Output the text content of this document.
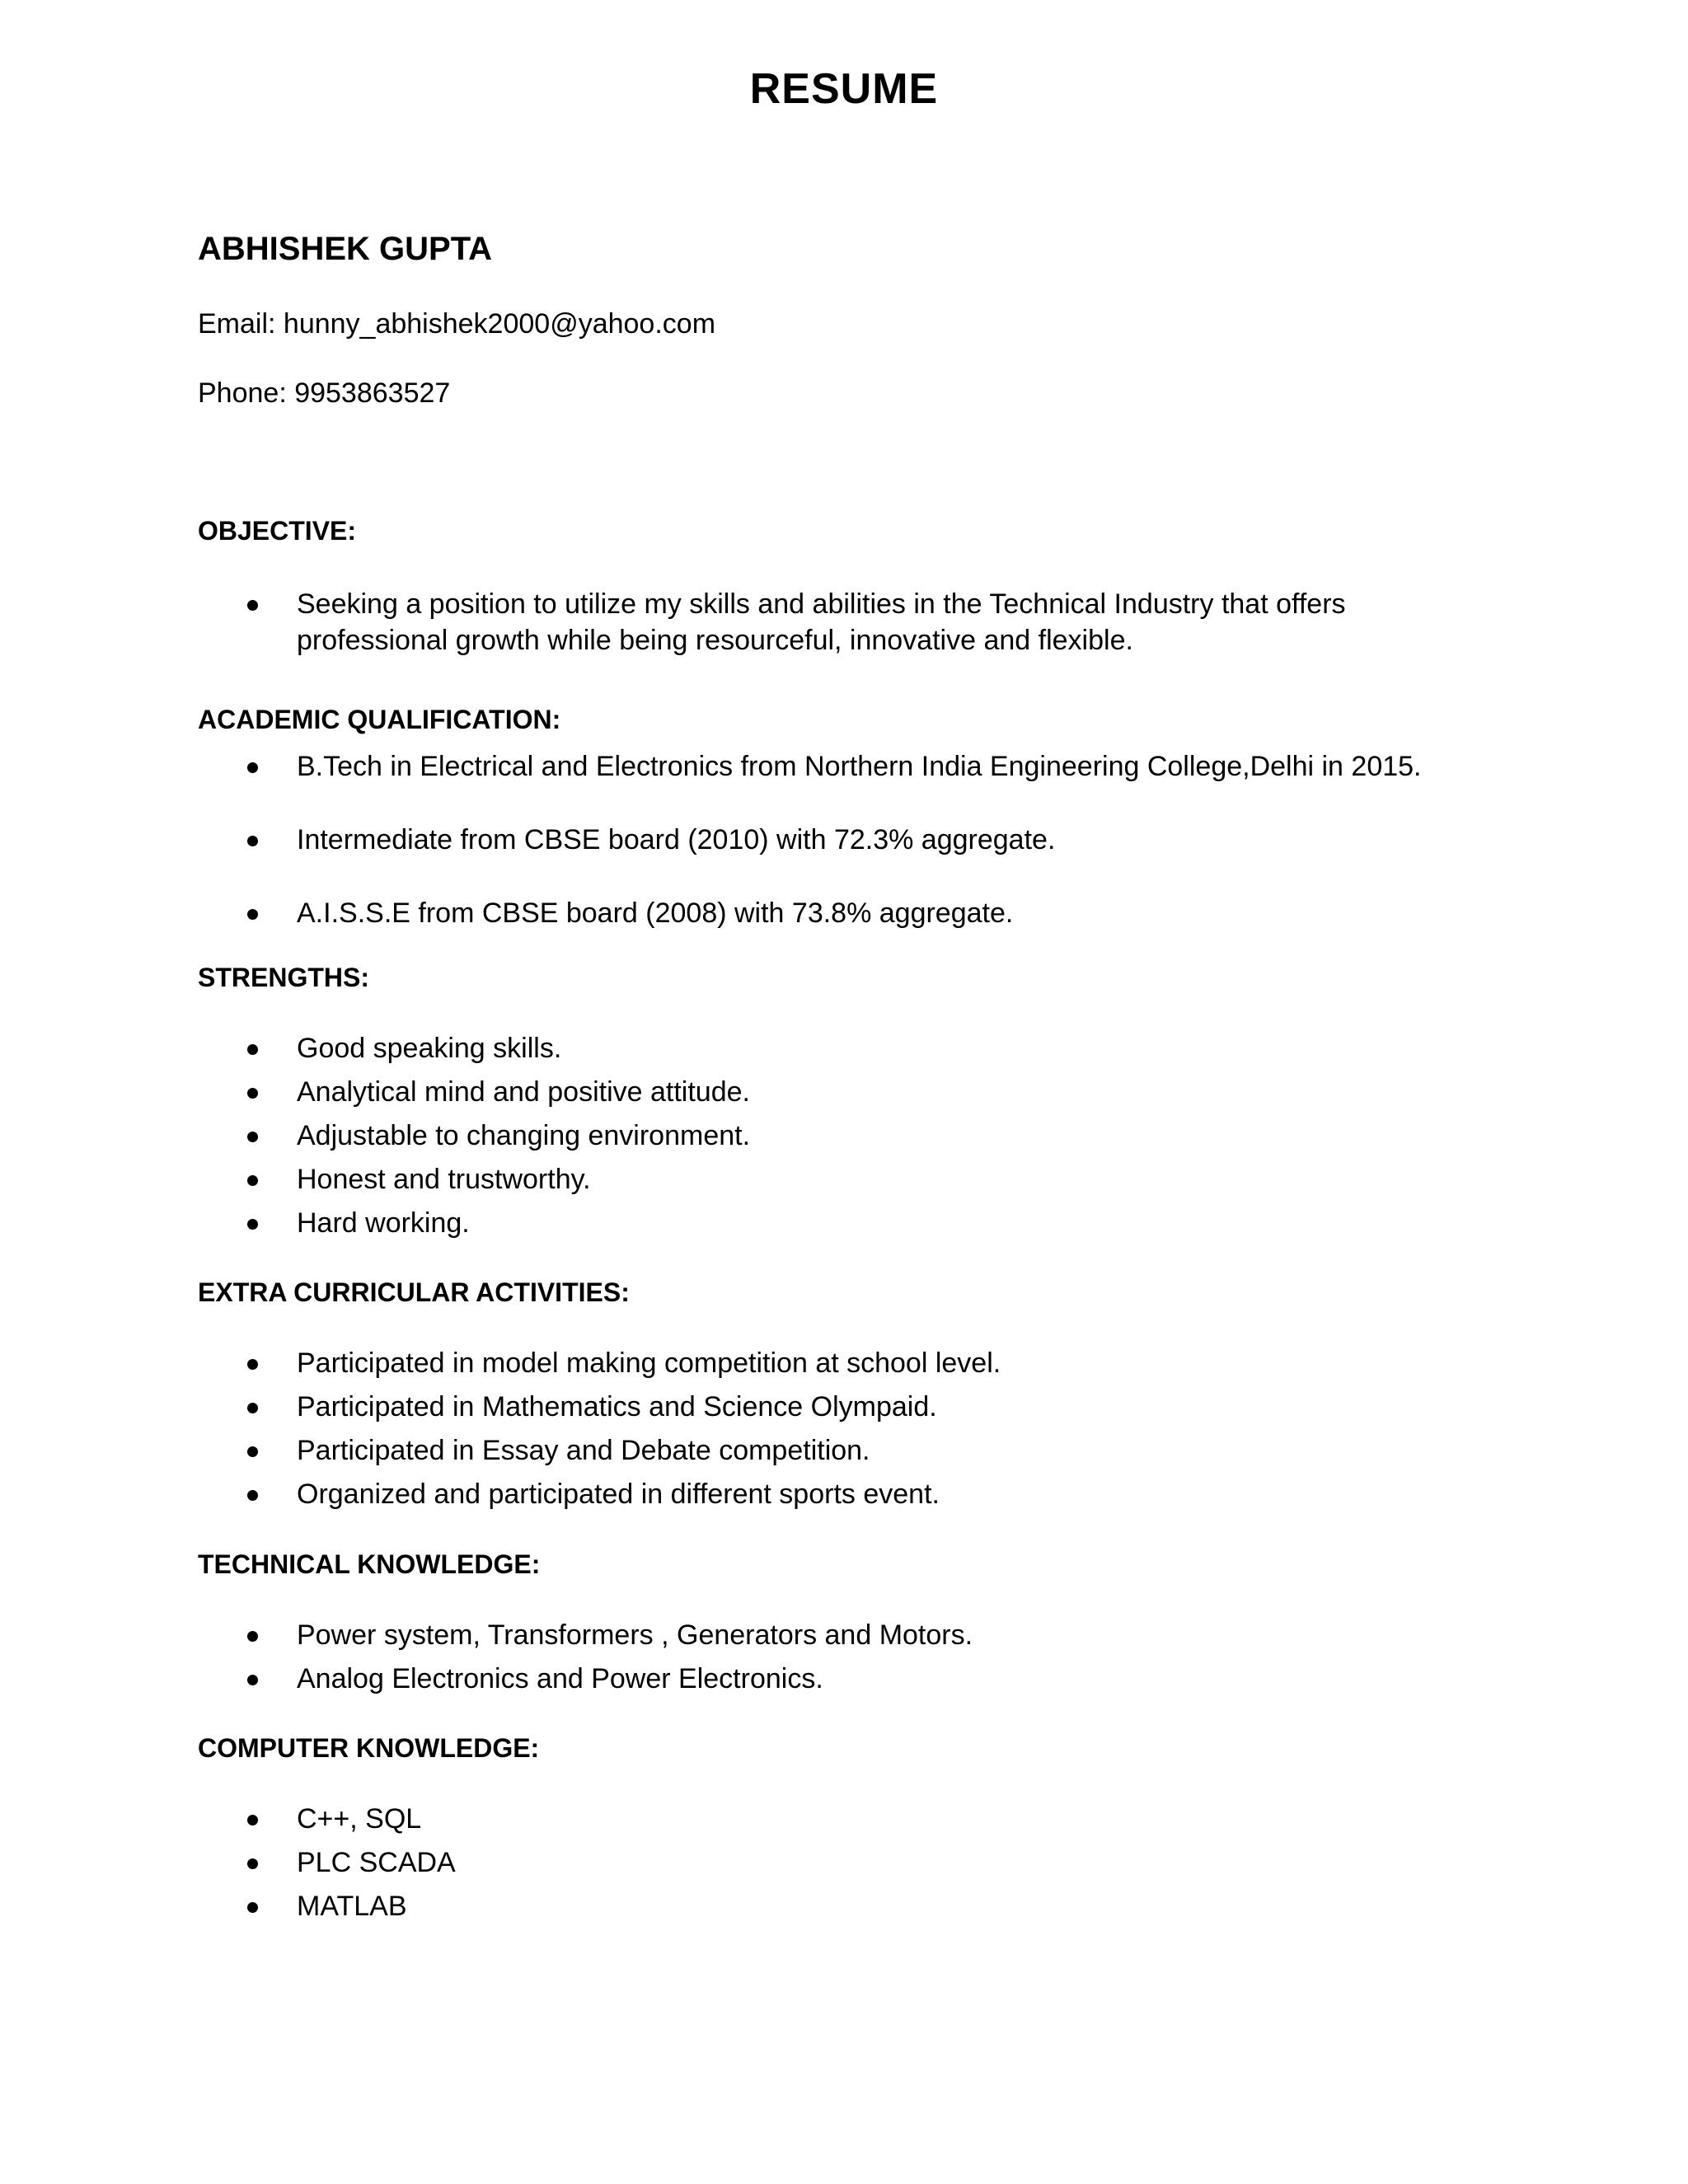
RESUME
ABHISHEK GUPTA

Email: hunny_abhishek2000@yahoo.com

Phone: 9953863527

OBJECTIVE:
Seeking a position to utilize my skills and abilities in the Technical Industry that offers professional growth while being resourceful, innovative and flexible.
ACADEMIC QUALIFICATION:
B.Tech in Electrical and Electronics from Northern India Engineering College,Delhi in 2015.
Intermediate from CBSE board (2010) with 72.3% aggregate.
A.I.S.S.E from CBSE board (2008) with 73.8% aggregate.
STRENGTHS:
Good speaking skills.
Analytical mind and positive attitude.
Adjustable to changing environment.
Honest and trustworthy.
Hard working.
EXTRA CURRICULAR ACTIVITIES:
Participated in model making competition at school level.
Participated in Mathematics and Science Olympaid.
Participated in Essay and Debate competition.
Organized and participated in different sports event.
TECHNICAL KNOWLEDGE:
Power system, Transformers , Generators and Motors.
Analog Electronics and Power Electronics.
COMPUTER KNOWLEDGE:
C++, SQL
PLC SCADA
MATLAB
